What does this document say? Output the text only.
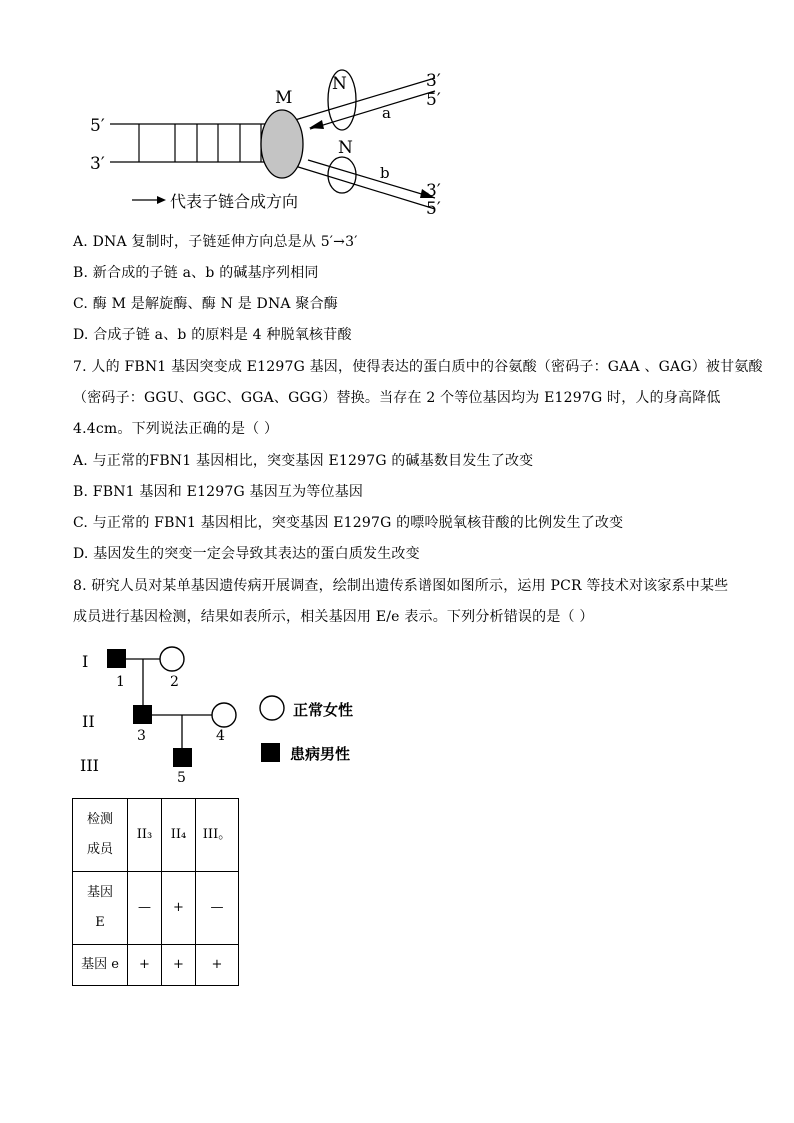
5′
3′
M
N
N
a
b
3′
5′
3′
5′
代表子链合成方向
A. DNA 复制时，子链延伸方向总是从 5′→3′
B. 新合成的子链 a、b 的碱基序列相同
C. 酶 M 是解旋酶、酶 N 是 DNA 聚合酶
D. 合成子链 a、b 的原料是 4 种脱氧核苷酸
7. 人的 FBN1 基因突变成 E1297G 基因，使得表达的蛋白质中的谷氨酸（密码子：GAA 、GAG）被甘氨酸
（密码子：GGU、GGC、GGA、GGG）替换。当存在 2 个等位基因均为 E1297G 时，人的身高降低
4.4cm。下列说法正确的是（ ）
A. 与正常的FBN1 基因相比，突变基因 E1297G 的碱基数目发生了改变
B. FBN1 基因和 E1297G 基因互为等位基因
C. 与正常的 FBN1 基因相比，突变基因 E1297G 的嘌呤脱氧核苷酸的比例发生了改变
D. 基因发生的突变一定会导致其表达的蛋白质发生改变
8. 研究人员对某单基因遗传病开展调查，绘制出遗传系谱图如图所示，运用 PCR 等技术对该家系中某些
成员进行基因检测，结果如表所示，相关基因用 E/e 表示。下列分析错误的是（ ）
I
II
III
1	2
3	4
5
正常女性
患病男性
检测成员	II₃	II₄	III。
基因 E	—	+	—
基因 e	+	+	+
